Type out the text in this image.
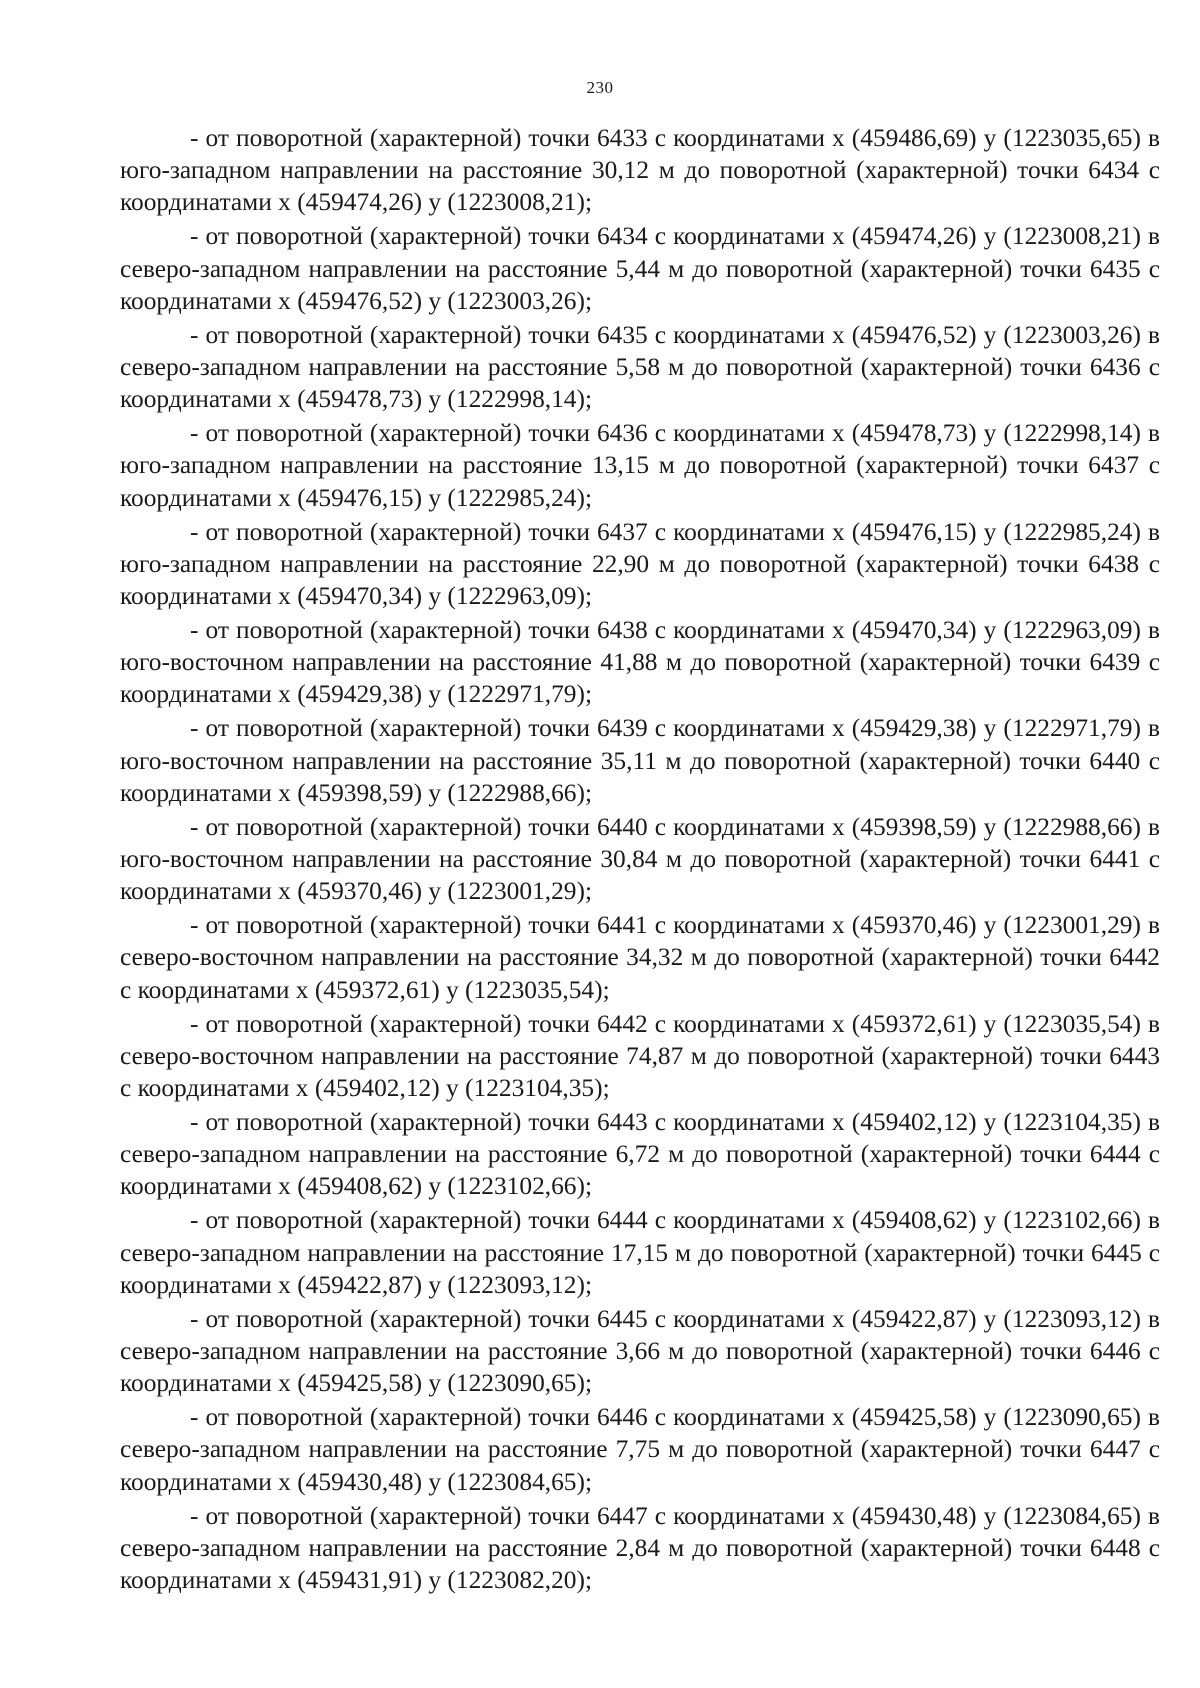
230

- от поворотной (характерной) точки 6433 с координатами х (459486,69) у (1223035,65) в юго-западном направлении на расстояние 30,12 м до поворотной (характерной) точки 6434 с координатами х (459474,26) у (1223008,21);

- от поворотной (характерной) точки 6434 с координатами х (459474,26) у (1223008,21) в северо-западном направлении на расстояние 5,44 м до поворотной (характерной) точки 6435 с координатами х (459476,52) у (1223003,26);

- от поворотной (характерной) точки 6435 с координатами х (459476,52) у (1223003,26) в северо-западном направлении на расстояние 5,58 м до поворотной (характерной) точки 6436 с координатами х (459478,73) у (1222998,14);

- от поворотной (характерной) точки 6436 с координатами х (459478,73) у (1222998,14) в юго-западном направлении на расстояние 13,15 м до поворотной (характерной) точки 6437 с координатами х (459476,15) у (1222985,24);

- от поворотной (характерной) точки 6437 с координатами х (459476,15) у (1222985,24) в юго-западном направлении на расстояние 22,90 м до поворотной (характерной) точки 6438 с координатами х (459470,34) у (1222963,09);

- от поворотной (характерной) точки 6438 с координатами х (459470,34) у (1222963,09) в юго-восточном направлении на расстояние 41,88 м до поворотной (характерной) точки 6439 с координатами х (459429,38) у (1222971,79);

- от поворотной (характерной) точки 6439 с координатами х (459429,38) у (1222971,79) в юго-восточном направлении на расстояние 35,11 м до поворотной (характерной) точки 6440 с координатами х (459398,59) у (1222988,66);

- от поворотной (характерной) точки 6440 с координатами х (459398,59) у (1222988,66) в юго-восточном направлении на расстояние 30,84 м до поворотной (характерной) точки 6441 с координатами х (459370,46) у (1223001,29);

- от поворотной (характерной) точки 6441 с координатами х (459370,46) у (1223001,29) в северо-восточном направлении на расстояние 34,32 м до поворотной (характерной) точки 6442 с координатами х (459372,61) у (1223035,54);

- от поворотной (характерной) точки 6442 с координатами х (459372,61) у (1223035,54) в северо-восточном направлении на расстояние 74,87 м до поворотной (характерной) точки 6443 с координатами х (459402,12) у (1223104,35);

- от поворотной (характерной) точки 6443 с координатами х (459402,12) у (1223104,35) в северо-западном направлении на расстояние 6,72 м до поворотной (характерной) точки 6444 с координатами х (459408,62) у (1223102,66);

- от поворотной (характерной) точки 6444 с координатами х (459408,62) у (1223102,66) в северо-западном направлении на расстояние 17,15 м до поворотной (характерной) точки 6445 с координатами х (459422,87) у (1223093,12);

- от поворотной (характерной) точки 6445 с координатами х (459422,87) у (1223093,12) в северо-западном направлении на расстояние 3,66 м до поворотной (характерной) точки 6446 с координатами х (459425,58) у (1223090,65);

- от поворотной (характерной) точки 6446 с координатами х (459425,58) у (1223090,65) в северо-западном направлении на расстояние 7,75 м до поворотной (характерной) точки 6447 с координатами х (459430,48) у (1223084,65);

- от поворотной (характерной) точки 6447 с координатами х (459430,48) у (1223084,65) в северо-западном направлении на расстояние 2,84 м до поворотной (характерной) точки 6448 с координатами х (459431,91) у (1223082,20);
